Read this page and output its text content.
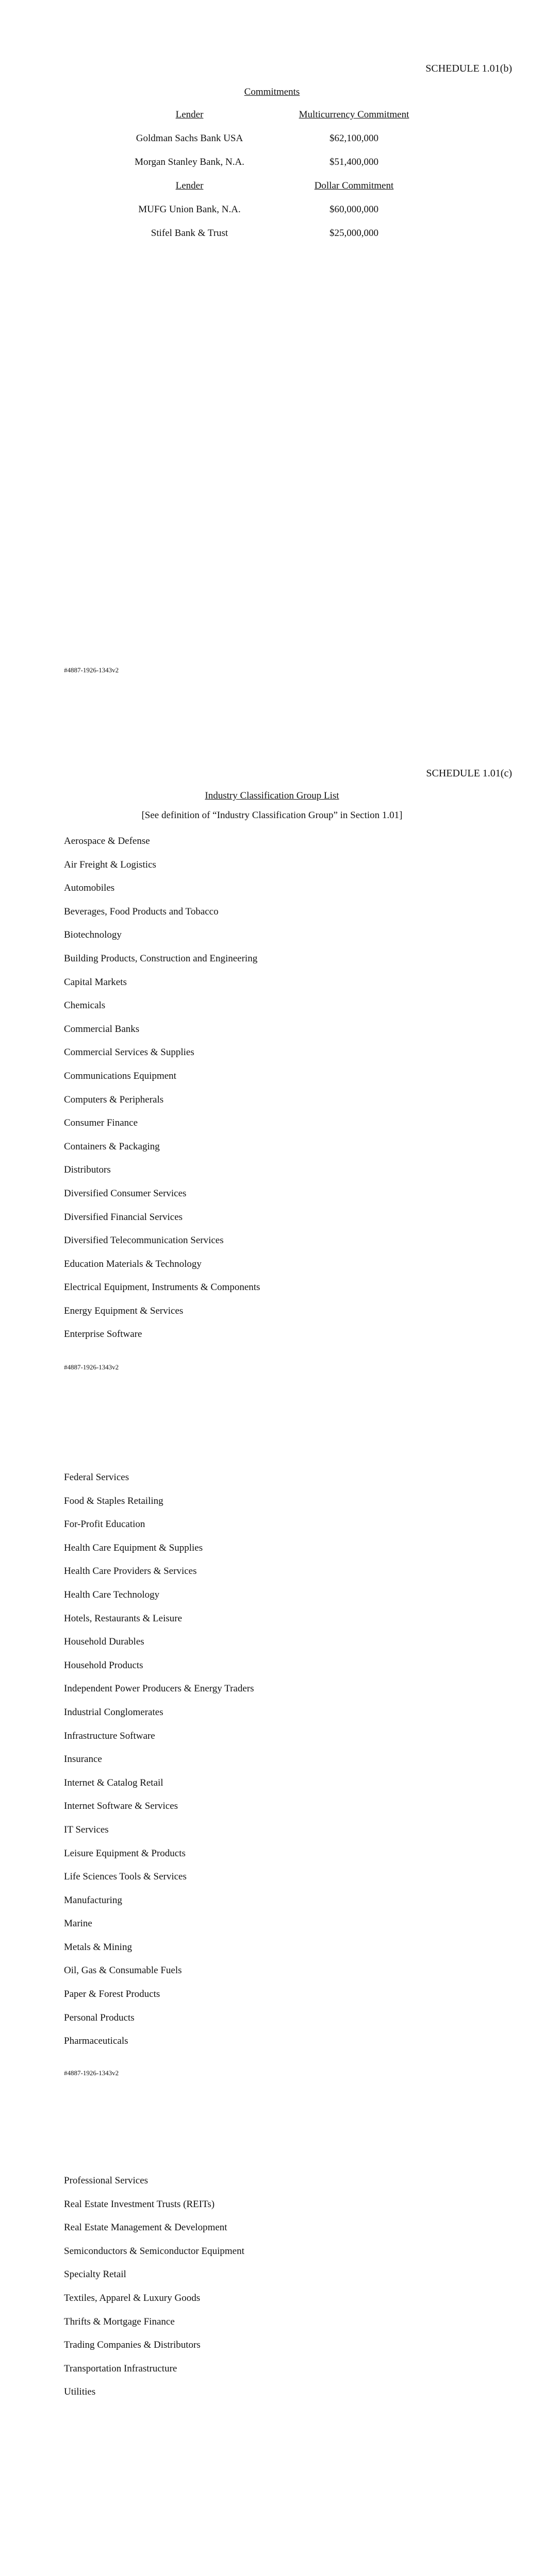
SCHEDULE 1.01(b)
Commitments
Lender	Multicurrency Commitment
Goldman Sachs Bank USA	$62,100,000
Morgan Stanley Bank, N.A.	$51,400,000
Lender	Dollar Commitment
MUFG Union Bank, N.A.	$60,000,000
Stifel Bank & Trust	$25,000,000
#4887-1926-1343v2
SCHEDULE 1.01(c)
Industry Classification Group List
[See definition of “Industry Classification Group” in Section 1.01]
Aerospace & Defense
Air Freight & Logistics
Automobiles
Beverages, Food Products and Tobacco
Biotechnology
Building Products, Construction and Engineering
Capital Markets
Chemicals
Commercial Banks
Commercial Services & Supplies
Communications Equipment
Computers & Peripherals
Consumer Finance
Containers & Packaging
Distributors
Diversified Consumer Services
Diversified Financial Services
Diversified Telecommunication Services
Education Materials & Technology
Electrical Equipment, Instruments & Components
Energy Equipment & Services
Enterprise Software
#4887-1926-1343v2
Federal Services
Food & Staples Retailing
For-Profit Education
Health Care Equipment & Supplies
Health Care Providers & Services
Health Care Technology
Hotels, Restaurants & Leisure
Household Durables
Household Products
Independent Power Producers & Energy Traders
Industrial Conglomerates
Infrastructure Software
Insurance
Internet & Catalog Retail
Internet Software & Services
IT Services
Leisure Equipment & Products
Life Sciences Tools & Services
Manufacturing
Marine
Metals & Mining
Oil, Gas & Consumable Fuels
Paper & Forest Products
Personal Products
Pharmaceuticals
#4887-1926-1343v2
Professional Services
Real Estate Investment Trusts (REITs)
Real Estate Management & Development
Semiconductors & Semiconductor Equipment
Specialty Retail
Textiles, Apparel & Luxury Goods
Thrifts & Mortgage Finance
Trading Companies & Distributors
Transportation Infrastructure
Utilities
